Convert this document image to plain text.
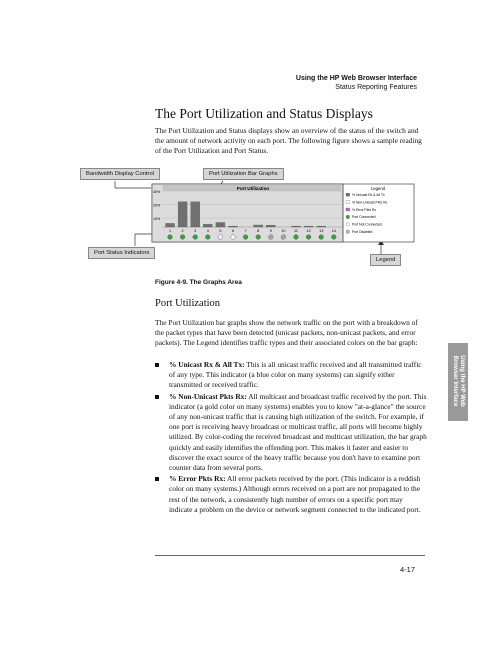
Using the HP Web Browser Interface
Status Reporting Features
The Port Utilization and Status Displays
The Port Utilization and Status displays show an overview of the status of the switch and the amount of network activity on each port. The following figure shows a sample reading of the Port Utilization and Port Status.
Bandwidth Display Control	Port Utilization Bar Graphs
Port Status Indicators
Legend
Port Utilization
40%
25%
10%
1	2	3	4	5	6	7	8	9 10 11 12 13 14
Legend
% Unicast Rx & All Tx
% Non-Unicast Pkts Rx
% Error Pkts Rx
Port Connected
Port Not Connected
Port Disabled
Figure 4-9. The Graphs Area
Port Utilization
The Port Utilization bar graphs show the network traffic on the port with a breakdown of the packet types that have been detected (unicast packets, non-unicast packets, and error packets). The Legend identifies traffic types and their associated colors on the bar graph:
% Unicast Rx & All Tx: This is all unicast traffic received and all transmitted traffic of any type. This indicator (a blue color on many systems) can signify either transmitted or received traffic.
% Non-Unicast Pkts Rx: All multicast and broadcast traffic received by the port. This indicator (a gold color on many systems) enables you to know "at-a-glance" the source of any non-unicast traffic that is causing high utilization of the switch. For example, if one port is receiving heavy broadcast or multicast traffic, all ports will become highly utilized. By color-coding the received broadcast and multicast utilization, the bar graph quickly and easily identifies the offending port. This makes it faster and easier to discover the exact source of the heavy traffic because you don't have to examine port counter data from several ports.
% Error Pkts Rx: All error packets received by the port. (This indicator is a reddish color on many systems.) Although errors received on a port are not propagated to the rest of the network, a consistently high number of errors on a specific port may indicate a problem on the device or network segment connected to the indicated port.
Using the HP Web Browser Interface
4-17
